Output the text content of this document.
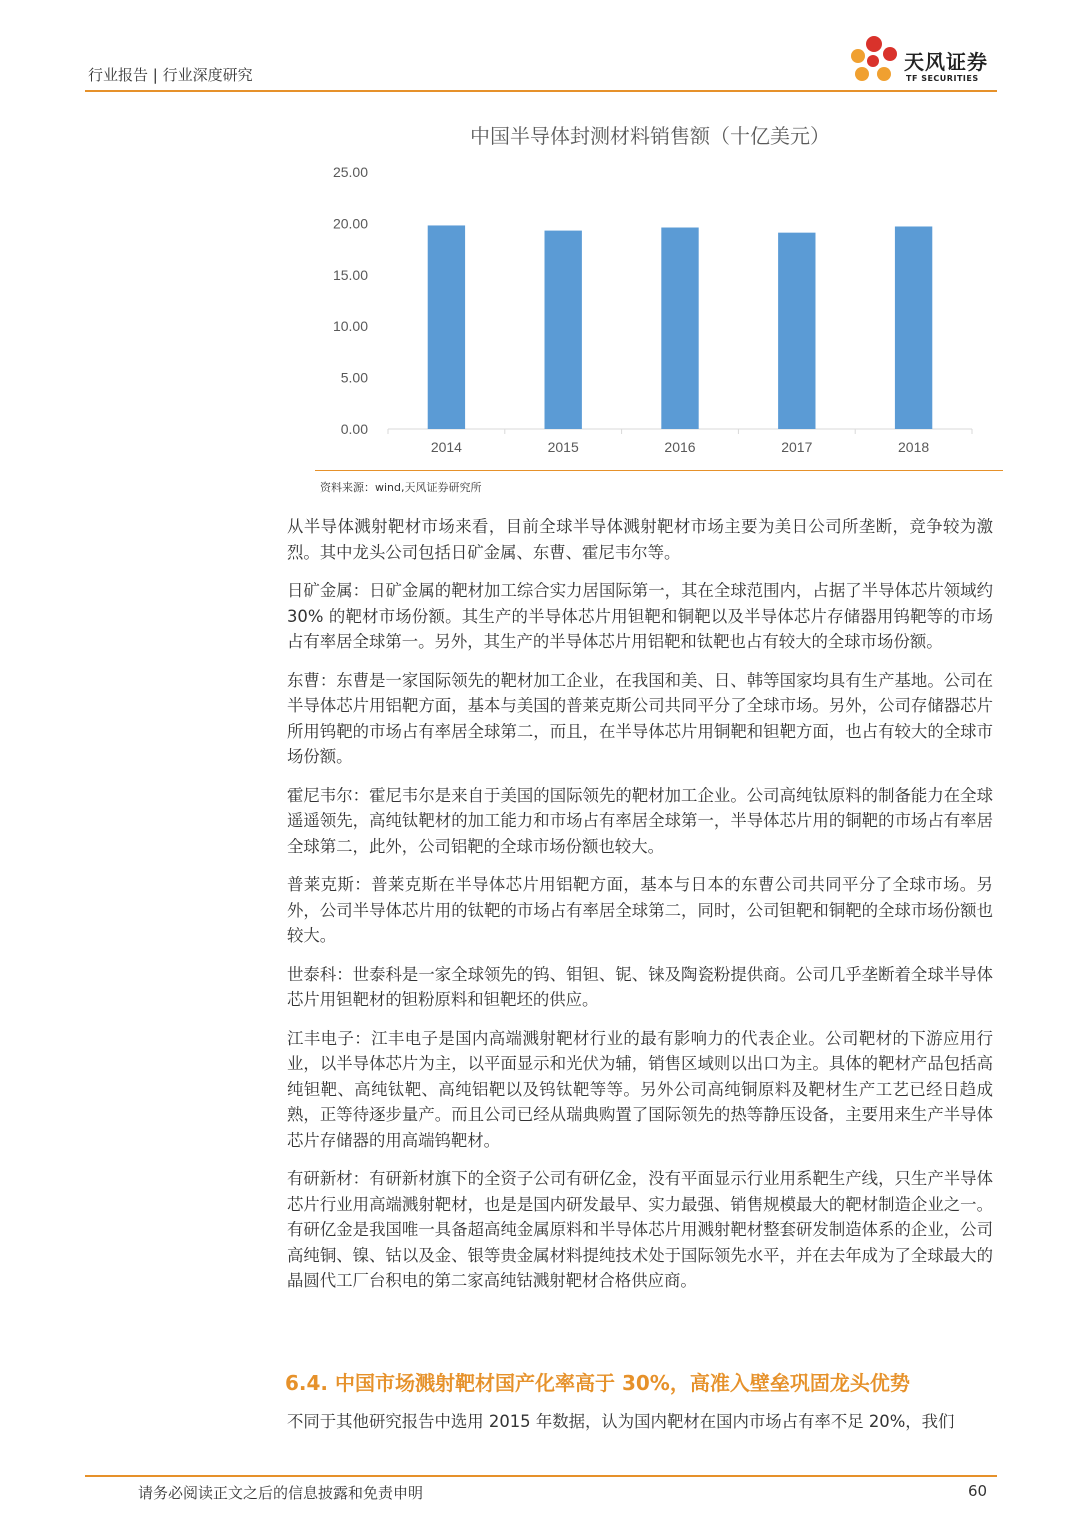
行业报告 | 行业深度研究
天风证券
TF SECURITIES
中国半导体封测材料销售额（十亿美元）
0.00
5.00
10.00
15.00
20.00
25.00
2014	2015	2016	2017	2018
资料来源：wind,天风证券研究所

从半导体溅射靶材市场来看，目前全球半导体溅射靶材市场主要为美日公司所垄断，竞争较为激烈。其中龙头公司包括日矿金属、东曹、霍尼韦尔等。

日矿金属：日矿金属的靶材加工综合实力居国际第一，其在全球范围内，占据了半导体芯片领域约 30% 的靶材市场份额。其生产的半导体芯片用钽靶和铜靶以及半导体芯片存储器用钨靶等的市场占有率居全球第一。另外，其生产的半导体芯片用铝靶和钛靶也占有较大的全球市场份额。

东曹：东曹是一家国际领先的靶材加工企业，在我国和美、日、韩等国家均具有生产基地。公司在半导体芯片用铝靶方面，基本与美国的普莱克斯公司共同平分了全球市场。另外，公司存储器芯片所用钨靶的市场占有率居全球第二，而且，在半导体芯片用铜靶和钽靶方面，也占有较大的全球市场份额。

霍尼韦尔：霍尼韦尔是来自于美国的国际领先的靶材加工企业。公司高纯钛原料的制备能力在全球遥遥领先，高纯钛靶材的加工能力和市场占有率居全球第一，半导体芯片用的铜靶的市场占有率居全球第二，此外，公司铝靶的全球市场份额也较大。

普莱克斯：普莱克斯在半导体芯片用铝靶方面，基本与日本的东曹公司共同平分了全球市场。另外，公司半导体芯片用的钛靶的市场占有率居全球第二，同时，公司钽靶和铜靶的全球市场份额也较大。

世泰科：世泰科是一家全球领先的钨、钼钽、铌、铼及陶瓷粉提供商。公司几乎垄断着全球半导体芯片用钽靶材的钽粉原料和钽靶坯的供应。

江丰电子：江丰电子是国内高端溅射靶材行业的最有影响力的代表企业。公司靶材的下游应用行业，以半导体芯片为主，以平面显示和光伏为辅，销售区域则以出口为主。具体的靶材产品包括高纯钽靶、高纯钛靶、高纯铝靶以及钨钛靶等等。另外公司高纯铜原料及靶材生产工艺已经日趋成熟，正等待逐步量产。而且公司已经从瑞典购置了国际领先的热等静压设备，主要用来生产半导体芯片存储器的用高端钨靶材。

有研新材：有研新材旗下的全资子公司有研亿金，没有平面显示行业用系靶生产线，只生产半导体芯片行业用高端溅射靶材，也是是国内研发最早、实力最强、销售规模最大的靶材制造企业之一。有研亿金是我国唯一具备超高纯金属原料和半导体芯片用溅射靶材整套研发制造体系的企业，公司高纯铜、镍、钴以及金、银等贵金属材料提纯技术处于国际领先水平，并在去年成为了全球最大的晶圆代工厂台积电的第二家高纯钴溅射靶材合格供应商。

6.4. 中国市场溅射靶材国产化率高于 30%，高准入壁垒巩固龙头优势
不同于其他研究报告中选用 2015 年数据，认为国内靶材在国内市场占有率不足 20%，我们
请务必阅读正文之后的信息披露和免责申明	60
